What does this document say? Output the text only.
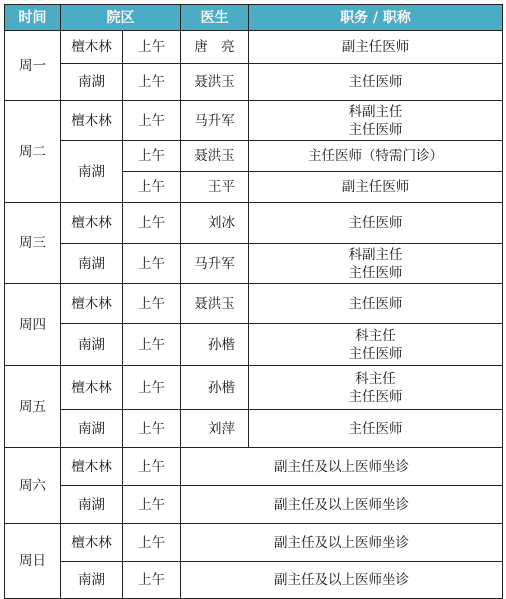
时间	院区		医生	职务 / 职称
周一	檀木林	上午	唐　亮	副主任医师

	南湖	上午	聂洪玉	主任医师

周二	檀木林	上午	马升军	科副主任
主任医师

	南湖	上午	聂洪玉	主任医师（特需门诊）

		上午	王平	副主任医师

周三	檀木林	上午	刘冰	主任医师

	南湖	上午	马升军	科副主任
主任医师

周四	檀木林	上午	聂洪玉	主任医师

	南湖	上午	孙楷	科主任
主任医师

周五	檀木林	上午	孙楷	科主任
主任医师

	南湖	上午	刘萍	主任医师

周六	檀木林	上午	副主任及以上医师坐诊	
	南湖	上午	副主任及以上医师坐诊	
周日	檀木林	上午	副主任及以上医师坐诊	
	南湖	上午	副主任及以上医师坐诊	
